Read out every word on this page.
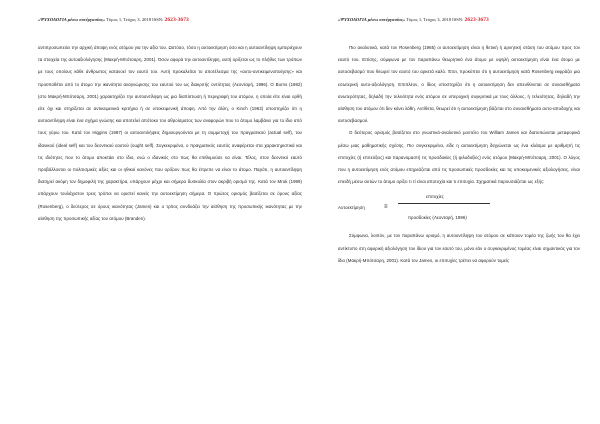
«ΨΥΧΟΛΟΓΙΑ μέσω συνέργασίας» Τόμος 1, Τεύχος 3, 2018 ISSN: 2623-3673

αντιπροσωπεύει την αρχική άποψη ενός ατόμου για την αξία του. Ωστόσο, τόσο η αυτοεκτίμηση όσο και η αυτοαντίληψη εμπεριέχουν τα στοιχεία της αυτοαξιολόγησης (Μακρή-Μπότσαρη, 2001). Όσον αφορά την αυτοαντίληψη, αυτή ορίζεται ως το πλήθος των τρόπων με τους οποίους κάθε άνθρωπος κατανοεί τον εαυτό του. Αυτή προκαλείται το αποτέλεσμα της «αυτο-αντικειμενοποίησης» και προϋποθέτει από το άτομο την ικανότητα αναγνώρισης του εαυτού του ως διακριτής οντότητας (Λεονταρή, 1996). Ο Burns (1982) (στο Μακρή-Μπότσαρη, 2001) χαρακτηρίζει την αυτοαντίληψη ως μια διαπίστωση ή περιγραφή του ατόμου, η οποία είτε είναι ορθή είτε όχι και στηρίζεται σε αντικειμενικά κριτήρια ή σε υποκειμενική άποψη. Από την άλλη, ο Kinch (1963) υποστηρίζει ότι η αυτοαντίληψη είναι ένα σχήμα γνώσης και αποτελεί απότοκο του αθροίσματος των αναφορών που το άτομο λαμβάνει για το ίδιο από τους γύρω του. Κατά τον Higgins (1987) οι αυτοαντιλήψεις δημιουργούνται με τη συμμετοχή του πραγματικού (actual self), του ιδανικού (ideal self) και του δεοντικού εαυτού (ought self). Συγκεκριμένα, ο πραγματικός εαυτός αναφέρεται στα χαρακτηριστικά και τις ιδιότητες που το άτομο αποκτάει στο ίδιο, ενώ ο ιδανικός στο πως θα επιθυμούσε να είναι. Τέλος, στον δεοντικό εαυτό προβάλλονται οι πολιτισμικές αξίες και οι ηθικοί κανόνες που ορίζουν πως θα έπρεπε να είναι το άτομο. Παρότι, η αυτοαντίληψη διατηρεί ακόμη τον δημοφιλή της χαρακτήρα, υπάρχουν μέχρι και σήμερα δυσκολία στον ακριβή ορισμό της. Κατά τον Mruk (1999) υπάρχουν τουλάχιστον τρεις τρόποι να οριστεί κανείς την αυτοεκτίμηση σήμερα. Ο πρώτος ορισμός βασίζεται σε όρους αξίας (Rosenberg), ο δεύτερος σε όρους ικανότητας (James) και ο τρίτος συνδυάζει την αίσθηση της προσωπικής ικανότητας με την αίσθηση της προσωπικής αξίας του ατόμου (Branden).

«ΨΥΧΟΛΟΓΙΑ μέσω συνέργασίας» Τόμος 1, Τεύχος 3, 2018 ISSN: 2623-3673

Πιο αναλυτικά, κατά τον Rosenberg (1965) οι αυτοεκτίμηση είναι η θετική ή αρνητική στάση του ατόμου προς τον εαυτό του. Επίσης, σύμφωνα με τον παραπάνω θεωρητικό ένα άτομο με υψηλή αυτοεκτίμηση είναι ένα άτομο με αυτοσεβασμό που θεωρεί τον εαυτό του αρκετά καλό. Έτσι, προκύπτει ότι η αυτοεκτίμηση κατά Rosenberg εκφράζει μια εσωτερική αυτο-αξιολόγηση. Επιπλέον, ο ίδιος υποστηρίζει ότι η αυτοεκτίμηση δεν απευθύνεται σε συναισθήματα ανωτερότητας, δηλαδή την τελειότητα ενός ατόμου σε υπεροχική συγκριτικά με τους άλλους, ή τελειότητας, δηλαδή την αίσθηση του ατόμου ότι δεν κάνει λάθη. Αντίθετα, θεωρεί ότι η αυτοεκτίμηση βάζεται στο συναισθήματα αυτο-αποδοχής και αυτοσεβασμού.

Ο δεύτερος ορισμός βασίζεται στο γνωστικό-αναλυτικό μοντέλο του William James και διατυπώνεται μεταφορικά μέσω μιας μαθηματικής σχέσης. Πιο συγκεκριμένα, είδε η αυτοεκτίμηση διηγώνεται ως ένα κλάσμα με αριθμητή τις επιτυχίες (ή επιτεύξεις) και παρανομαστή τις προσδοκίες (ή φιλοδοξίες) ενός ατόμου (Μακρή-Μπότσαρη, 2001). Ο λόγος που η αυτοεκτίμηση ενός ατόμου επηρεάζεται από τις προσωπικές προσδοκίες και τις υποκειμενικές αξιολογήσεις, είναι επειδή μέσω αυτών το άτομο ορίζει τι τί είναι αποτυχία και τι επιτυχία. Σχηματικά παρουσιάζεται ως εξής:

Αυτοεκτίμηση	≡
επιτυχίες
προσδοκίες (Λεονταρή, 1996)

Σύμφωνα, λοιπόν, με τον παραπάνω ορισμό, η αυτοαντίληψη του ατόμου σε κάποιον τομέα της ζωής του θα έχει αντίκτυπο στη αφορική αξιολόγηση του ίδιου για τον εαυτό του, μόνο εάν ο συγκεκριμένος τομέας είναι σημαντικός για τον ίδιο (Μακρή-Μπότσαρη, 2001). Κατά τον James, οι επιτυχίες τρέπει να αφορούν τομείς
